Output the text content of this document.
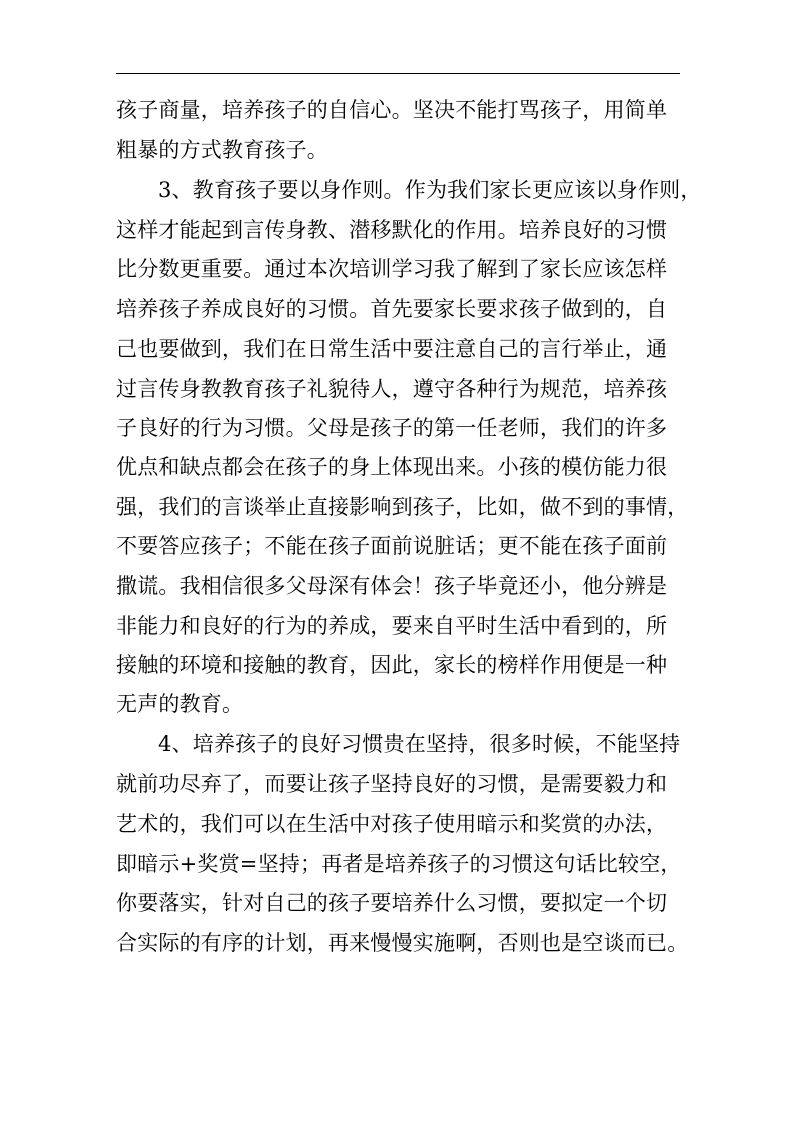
孩子商量，培养孩子的自信心。坚决不能打骂孩子，用简单
粗暴的方式教育孩子。
3、教育孩子要以身作则。作为我们家长更应该以身作则，
这样才能起到言传身教、潜移默化的作用。培养良好的习惯
比分数更重要。通过本次培训学习我了解到了家长应该怎样
培养孩子养成良好的习惯。首先要家长要求孩子做到的，自
己也要做到，我们在日常生活中要注意自己的言行举止，通
过言传身教教育孩子礼貌待人，遵守各种行为规范，培养孩
子良好的行为习惯。父母是孩子的第一任老师，我们的许多
优点和缺点都会在孩子的身上体现出来。小孩的模仿能力很
强，我们的言谈举止直接影响到孩子，比如，做不到的事情，
不要答应孩子；不能在孩子面前说脏话；更不能在孩子面前
撒谎。我相信很多父母深有体会！孩子毕竟还小，他分辨是
非能力和良好的行为的养成，要来自平时生活中看到的，所
接触的环境和接触的教育，因此，家长的榜样作用便是一种
无声的教育。
4、培养孩子的良好习惯贵在坚持，很多时候，不能坚持
就前功尽弃了，而要让孩子坚持良好的习惯，是需要毅力和
艺术的，我们可以在生活中对孩子使用暗示和奖赏的办法，
即暗示+奖赏=坚持；再者是培养孩子的习惯这句话比较空，
你要落实，针对自己的孩子要培养什么习惯，要拟定一个切
合实际的有序的计划，再来慢慢实施啊，否则也是空谈而已。
